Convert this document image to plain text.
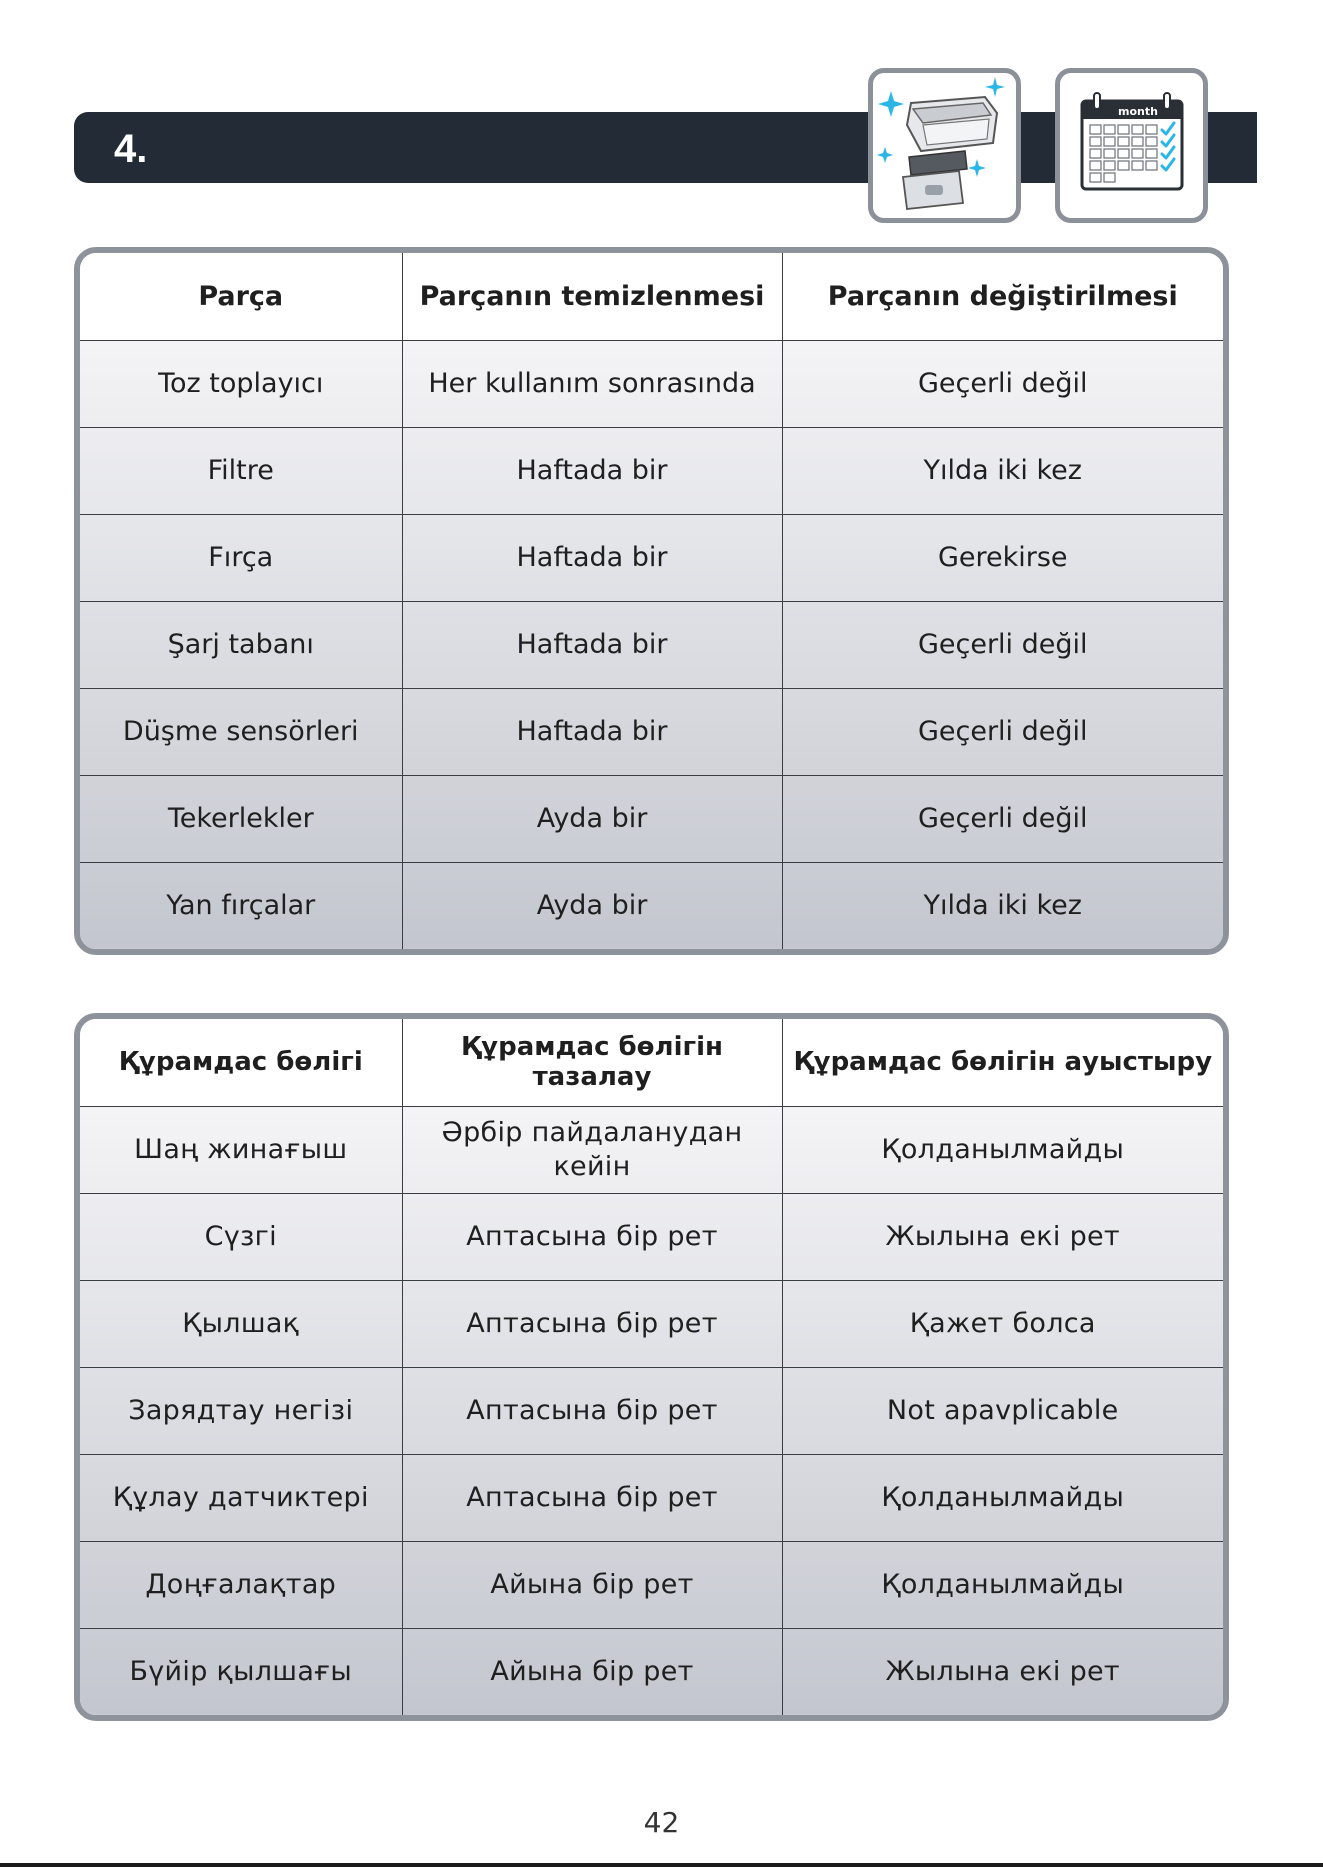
4.
month
Parça	Parçanın temizlenmesi	Parçanın değiştirilmesi
Toz toplayıcı	Her kullanım sonrasında	Geçerli değil
Filtre	Haftada bir	Yılda iki kez
Fırça	Haftada bir	Gerekirse
Şarj tabanı	Haftada bir	Geçerli değil
Düşme sensörleri	Haftada bir	Geçerli değil
Tekerlekler	Ayda bir	Geçerli değil
Yan fırçalar	Ayda bir	Yılda iki kez
Құрамдас бөлігі	Құрамдас бөлігін тазалау	Құрамдас бөлігін ауыстыру
Шаң жинағыш	Әрбір пайдаланудан кейін	Қолданылмайды
Сүзгі	Аптасына бір рет	Жылына екі рет
Қылшақ	Аптасына бір рет	Қажет болса
Зарядтау негізі	Аптасына бір рет	Not apavplicable
Құлау датчиктері	Аптасына бір рет	Қолданылмайды
Доңғалақтар	Айына бір рет	Қолданылмайды
Бүйір қылшағы	Айына бір рет	Жылына екі рет
42
